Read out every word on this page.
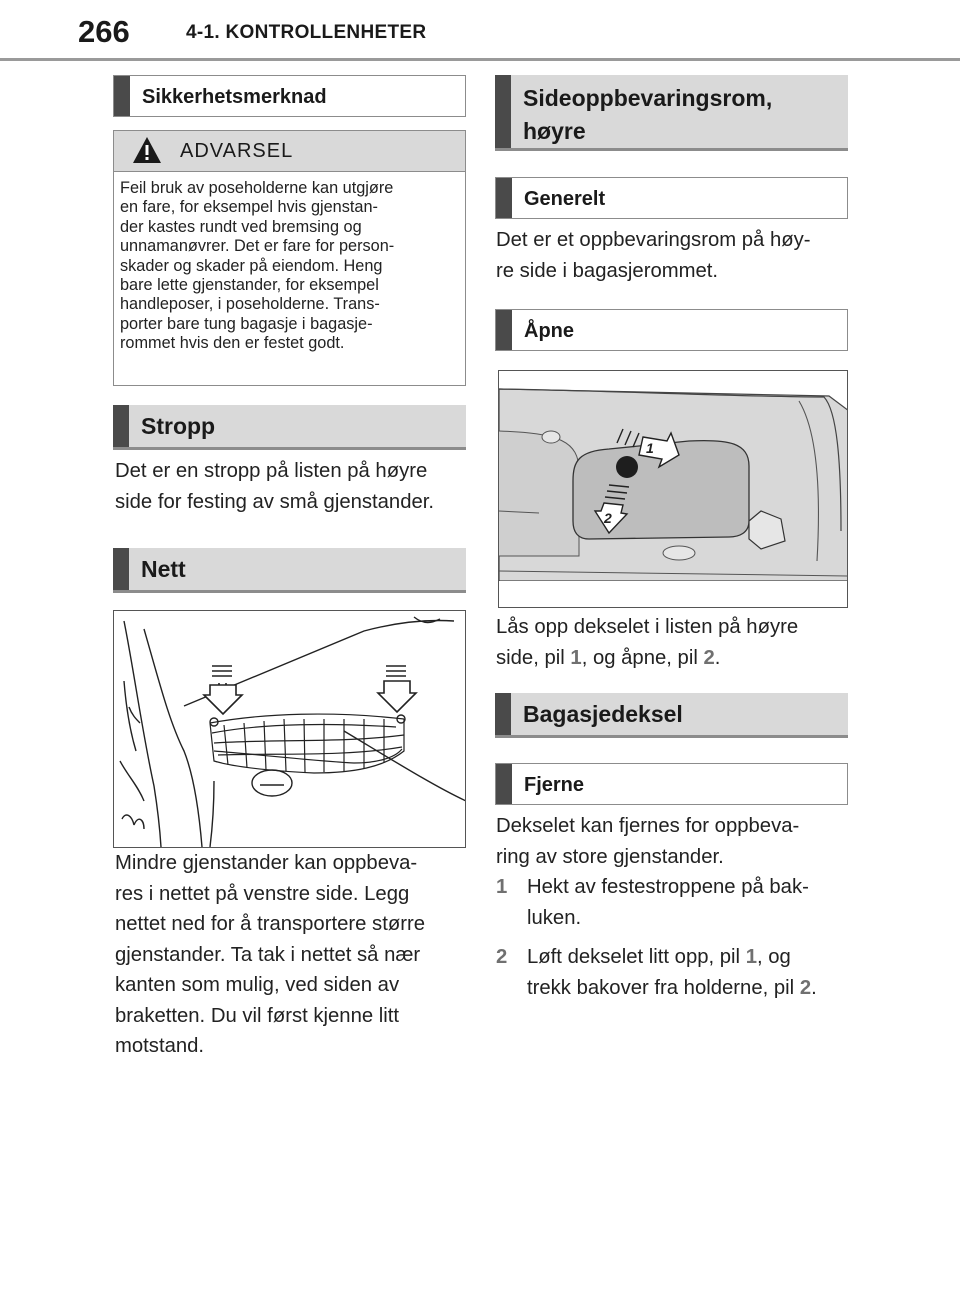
266	4-1. KONTROLLENHETER
Sikkerhetsmerknad
ADVARSEL
Feil bruk av poseholderne kan utgjøre
en fare, for eksempel hvis gjenstan-
der kastes rundt ved bremsing og
unnamanøvrer. Det er fare for person-
skader og skader på eiendom. Heng
bare lette gjenstander, for eksempel
handleposer, i poseholderne. Trans-
porter bare tung bagasje i bagasje-
rommet hvis den er festet godt.
Stropp
Det er en stropp på listen på høyre
side for festing av små gjenstander.
Nett
Mindre gjenstander kan oppbeva-
res i nettet på venstre side. Legg
nettet ned for å transportere større
gjenstander. Ta tak i nettet så nær
kanten som mulig, ved siden av
braketten. Du vil først kjenne litt
motstand.
Sideoppbevaringsrom,
høyre
Generelt
Det er et oppbevaringsrom på høy-
re side i bagasjerommet.
Åpne
1
2
Lås opp dekselet i listen på høyre
side, pil 1, og åpne, pil 2.
Bagasjedeksel
Fjerne
Dekselet kan fjernes for oppbeva-
ring av store gjenstander.
1 Hekt av festestroppene på bak-
luken.
2 Løft dekselet litt opp, pil 1, og
trekk bakover fra holderne, pil 2.
